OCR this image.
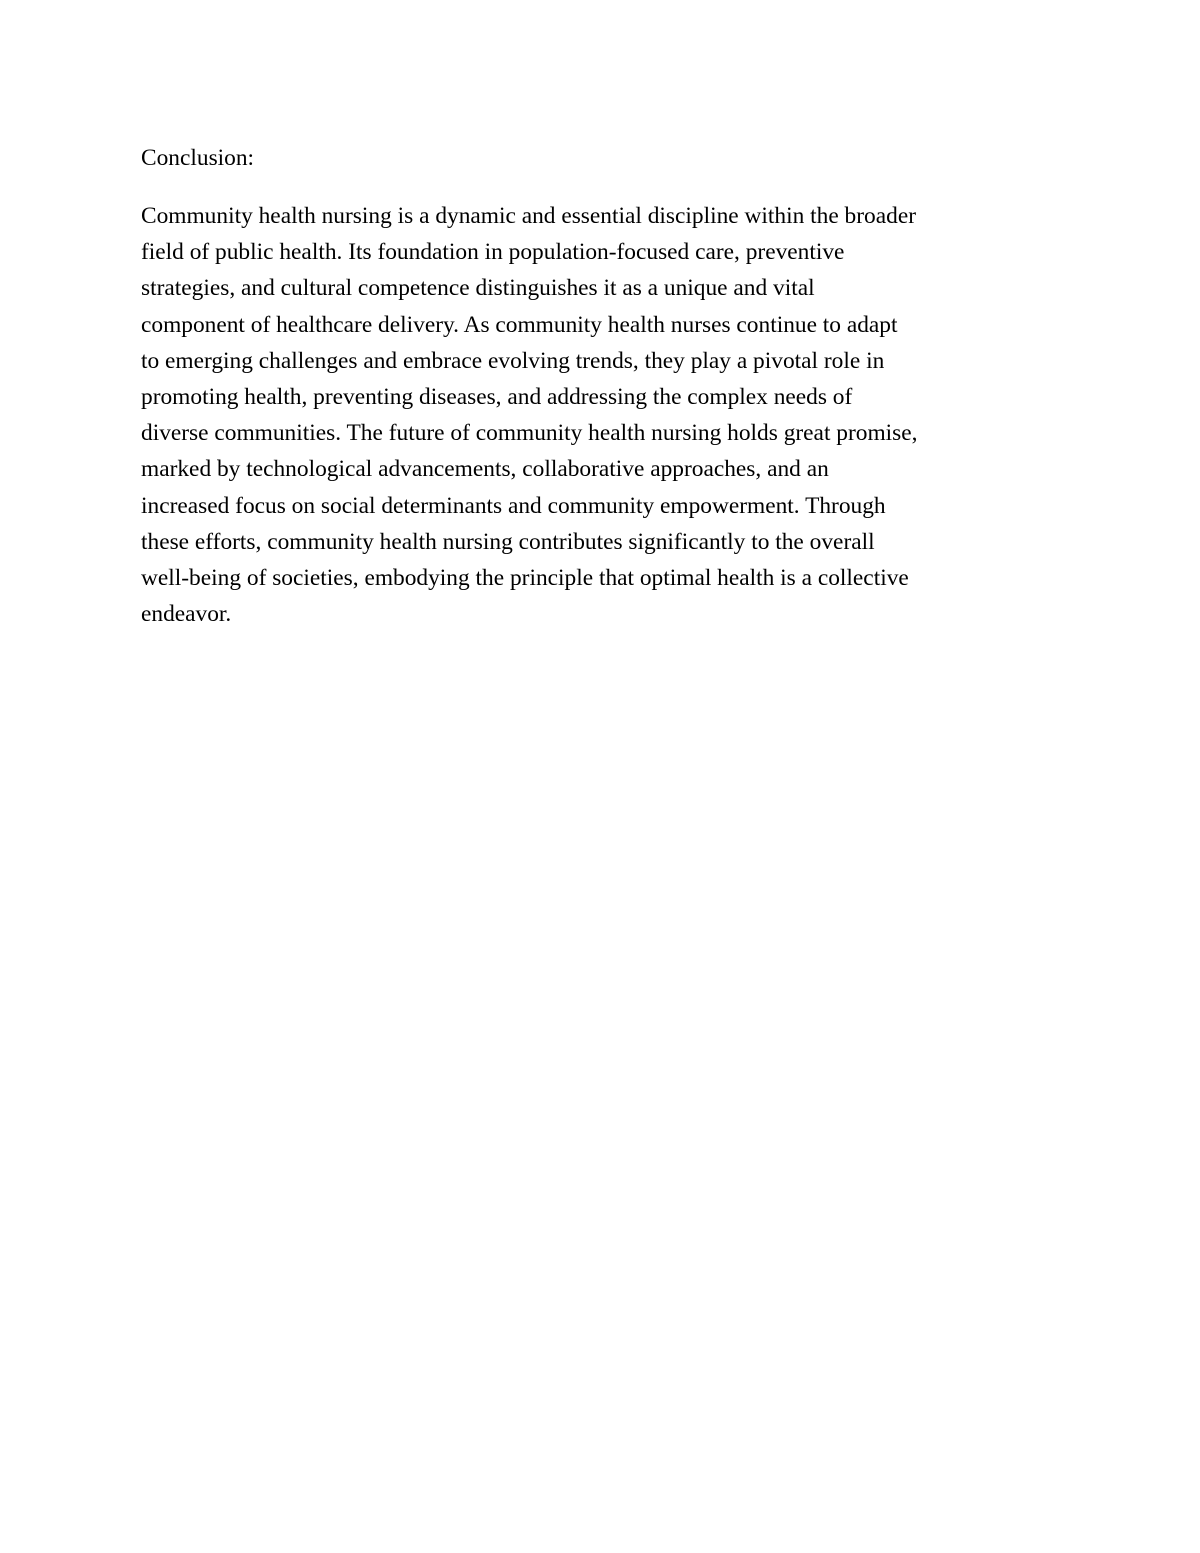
Conclusion:

Community health nursing is a dynamic and essential discipline within the broader
field of public health. Its foundation in population-focused care, preventive
strategies, and cultural competence distinguishes it as a unique and vital
component of healthcare delivery. As community health nurses continue to adapt
to emerging challenges and embrace evolving trends, they play a pivotal role in
promoting health, preventing diseases, and addressing the complex needs of
diverse communities. The future of community health nursing holds great promise,
marked by technological advancements, collaborative approaches, and an
increased focus on social determinants and community empowerment. Through
these efforts, community health nursing contributes significantly to the overall
well-being of societies, embodying the principle that optimal health is a collective
endeavor.
